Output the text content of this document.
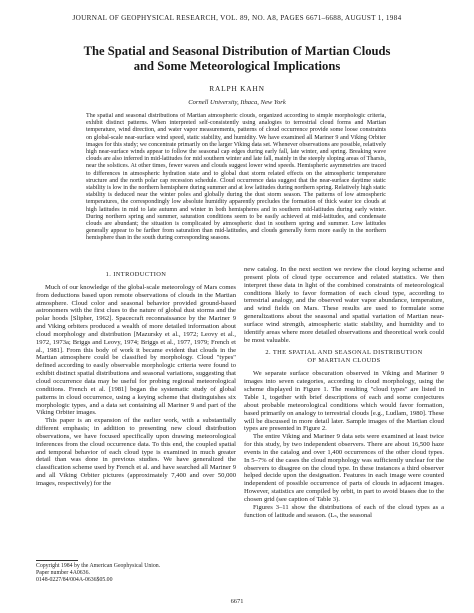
JOURNAL OF GEOPHYSICAL RESEARCH, VOL. 89, NO. A8, PAGES 6671–6688, AUGUST 1, 1984
The Spatial and Seasonal Distribution of Martian Clouds
and Some Meteorological Implications
RALPH KAHN
Cornell University, Ithaca, New York

The spatial and seasonal distributions of Martian atmospheric clouds, organized according to simple morphologic criteria, exhibit distinct patterns. When interpreted self-consistently using analogies to terrestrial cloud forms and Martian temperature, wind direction, and water vapor measurements, patterns of cloud occurrence provide some loose constraints on global-scale near-surface wind speed, static stability, and humidity. We have examined all Mariner 9 and Viking Orbiter images for this study; we concentrate primarily on the larger Viking data set. Whenever observations are possible, relatively high near-surface winds appear to follow the seasonal cap edges during early fall, late winter, and spring. Breaking wave clouds are also inferred in mid-latitudes for mid southern winter and late fall, mainly in the steeply sloping areas of Tharsis, near the solstices. At other times, fewer waves and clouds suggest lower wind speeds. Hemispheric asymmetries are traced to differences in atmospheric hydration state and to global dust storm related effects on the atmospheric temperature structure and the north polar cap recession schedule. Cloud occurrence data suggest that the near-surface daytime static stability is low in the northern hemisphere during summer and at low latitudes during northern spring. Relatively high static stability is deduced near the winter poles and globally during the dust storm season. The patterns of low atmospheric temperatures, the correspondingly low absolute humidity apparently precludes the formation of thick water ice clouds at high latitudes in mid to late autumn and winter in both hemispheres and in southern mid-latitudes during early winter. During northern spring and summer, saturation conditions seem to be easily achieved at mid-latitudes, and condensate clouds are abundant; the situation is complicated by atmospheric dust in southern spring and summer. Low latitudes generally appear to be farther from saturation than mid-latitudes, and clouds generally form more easily in the northern hemisphere than in the south during corresponding seasons.

1. INTRODUCTION

Much of our knowledge of the global-scale meteorology of Mars comes from deductions based upon remote observations of clouds in the Martian atmosphere. Cloud color and seasonal behavior provided ground-based astronomers with the first clues to the nature of global dust storms and the polar hoods [Slipher, 1962]. Spacecraft reconnaissance by the Mariner 9 and Viking orbiters produced a wealth of more detailed information about cloud morphology and distribution [Mazursky et al., 1972; Leovy et al., 1972, 1973a; Briggs and Leovy, 1974; Briggs et al., 1977, 1979; French et al., 1981]. From this body of work it became evident that clouds in the Martian atmosphere could be classified by morphology. Cloud "types" defined according to easily observable morphologic criteria were found to exhibit distinct spatial distributions and seasonal variations, suggesting that cloud occurrence data may be useful for probing regional meteorological conditions. French et al. [1981] began the systematic study of global patterns in cloud occurrence, using a keying scheme that distinguishes six morphologic types, and a data set containing all Mariner 9 and part of the Viking Orbiter images.

This paper is an expansion of the earlier work, with a substantially different emphasis; in addition to presenting new cloud distribution observations, we have focused specifically upon drawing meteorological inferences from the cloud occurrence data. To this end, the coupled spatial and temporal behavior of each cloud type is examined in much greater detail than was done in previous studies. We have generalized the classification scheme used by French et al. and have searched all Mariner 9 and all Viking Orbiter pictures (approximately 7,400 and over 50,000 images, respectively) for the

new catalog. In the next section we review the cloud keying scheme and present plots of cloud type occurrence and related statistics. We then interpret these data in light of the combined constraints of meteorological conditions likely to favor formation of each cloud type, according to terrestrial analogy, and the observed water vapor abundance, temperature, and wind fields on Mars. These results are used to formulate some generalizations about the seasonal and spatial variation of Martian near-surface wind strength, atmospheric static stability, and humidity and to identify areas where more detailed observations and theoretical work could be most valuable.

2. THE SPATIAL AND SEASONAL DISTRIBUTION
OF MARTIAN CLOUDS

We separate surface obscuration observed in Viking and Mariner 9 images into seven categories, according to cloud morphology, using the scheme displayed in Figure 1. The resulting "cloud types" are listed in Table 1, together with brief descriptions of each and some conjectures about probable meteorological conditions which would favor formation, based primarily on analogy to terrestrial clouds [e.g., Ludlam, 1980]. These will be discussed in more detail later. Sample images of the Martian cloud types are presented in Figure 2.

The entire Viking and Mariner 9 data sets were examined at least twice for this study, by two independent observers. There are about 16,500 haze events in the catalog and over 1,400 occurrences of the other cloud types. In 5–7% of the cases the cloud morphology was sufficiently unclear for the observers to disagree on the cloud type. In these instances a third observer helped decide upon the designation. Features in each image were counted independent of possible occurrence of parts of clouds in adjacent images. However, statistics are compiled by orbit, in part to avoid biases due to the chosen grid (see caption of Table 3).

Figures 3–11 show the distributions of each of the cloud types as a function of latitude and season. (Lₛ, the seasonal

Copyright 1984 by the American Geophysical Union.
Paper number 4A0636.
0148-0227/84/004A-0636$05.00
6671
